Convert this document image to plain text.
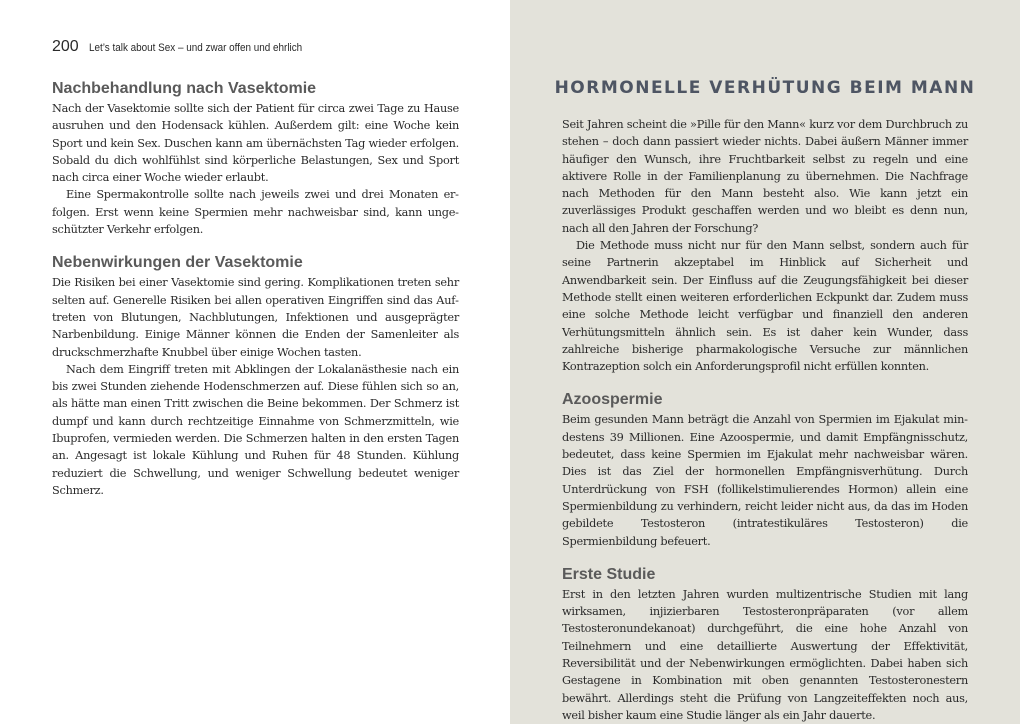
200 Let’s talk about Sex – und zwar offen und ehrlich
Nachbehandlung nach Vasektomie

Nach der Vasektomie sollte sich der Patient für circa zwei Tage zu Hause ausruhen und den Hodensack kühlen. Außerdem gilt: eine Woche kein Sport und kein Sex. Duschen kann am übernächsten Tag wieder erfolgen. Sobald du dich wohlfühlst sind körperliche Belastungen, Sex und Sport nach circa einer Woche wieder erlaubt.

Eine Spermakontrolle sollte nach jeweils zwei und drei Monaten erfolgen. Erst wenn keine Spermien mehr nachweisbar sind, kann ungeschützter Verkehr erfolgen.

Nebenwirkungen der Vasektomie

Die Risiken bei einer Vasektomie sind gering. Komplikationen treten sehr selten auf. Generelle Risiken bei allen operativen Eingriffen sind das Auftreten von Blutungen, Nachblutungen, Infektionen und ausgeprägter Narbenbildung. Einige Männer können die Enden der Samenleiter als druckschmerzhafte Knubbel über einige Wochen tasten.

Nach dem Eingriff treten mit Abklingen der Lokalanästhesie nach ein bis zwei Stunden ziehende Hodenschmerzen auf. Diese fühlen sich so an, als hätte man einen Tritt zwischen die Beine bekommen. Der Schmerz ist dumpf und kann durch rechtzeitige Einnahme von Schmerzmitteln, wie Ibuprofen, vermieden werden. Die Schmerzen halten in den ersten Tagen an. Angesagt ist lokale Kühlung und Ruhen für 48 Stunden. Kühlung reduziert die Schwellung, und weniger Schwellung bedeutet weniger Schmerz.

HORMONELLE VERHÜTUNG BEIM MANN

Seit Jahren scheint die »Pille für den Mann« kurz vor dem Durchbruch zu stehen – doch dann passiert wieder nichts. Dabei äußern Männer immer häufiger den Wunsch, ihre Fruchtbarkeit selbst zu regeln und eine aktivere Rolle in der Familienplanung zu übernehmen. Die Nachfrage nach Methoden für den Mann besteht also. Wie kann jetzt ein zuverlässiges Produkt geschaffen werden und wo bleibt es denn nun, nach all den Jahren der Forschung?

Die Methode muss nicht nur für den Mann selbst, sondern auch für seine Partnerin akzeptabel im Hinblick auf Sicherheit und Anwendbarkeit sein. Der Einfluss auf die Zeugungsfähigkeit bei dieser Methode stellt einen weiteren erforderlichen Eckpunkt dar. Zudem muss eine solche Methode leicht verfügbar und finanziell den anderen Verhütungsmitteln ähnlich sein. Es ist daher kein Wunder, dass zahlreiche bisherige pharmakologische Versuche zur männlichen Kontrazeption solch ein Anforderungsprofil nicht erfüllen konnten.

Azoospermie

Beim gesunden Mann beträgt die Anzahl von Spermien im Ejakulat mindestens 39 Millionen. Eine Azoospermie, und damit Empfängnisschutz, bedeutet, dass keine Spermien im Ejakulat mehr nachweisbar wären. Dies ist das Ziel der hormonellen Empfängnisverhütung. Durch Unterdrückung von FSH (follikelstimulierendes Hormon) allein eine Spermienbildung zu verhindern, reicht leider nicht aus, da das im Hoden gebildete Testosteron (intratestikuläres Testosteron) die Spermienbildung befeuert.

Erste Studie

Erst in den letzten Jahren wurden multizentrische Studien mit lang wirksamen, injizierbaren Testosteronpräparaten (vor allem Testosteronundekanoat) durchgeführt, die eine hohe Anzahl von Teilnehmern und eine detaillierte Auswertung der Effektivität, Reversibilität und der Nebenwirkungen ermöglichten. Dabei haben sich Gestagene in Kombination mit oben genannten Testosteronestern bewährt. Allerdings steht die Prüfung von Langzeiteffekten noch aus, weil bisher kaum eine Studie länger als ein Jahr dauerte.
